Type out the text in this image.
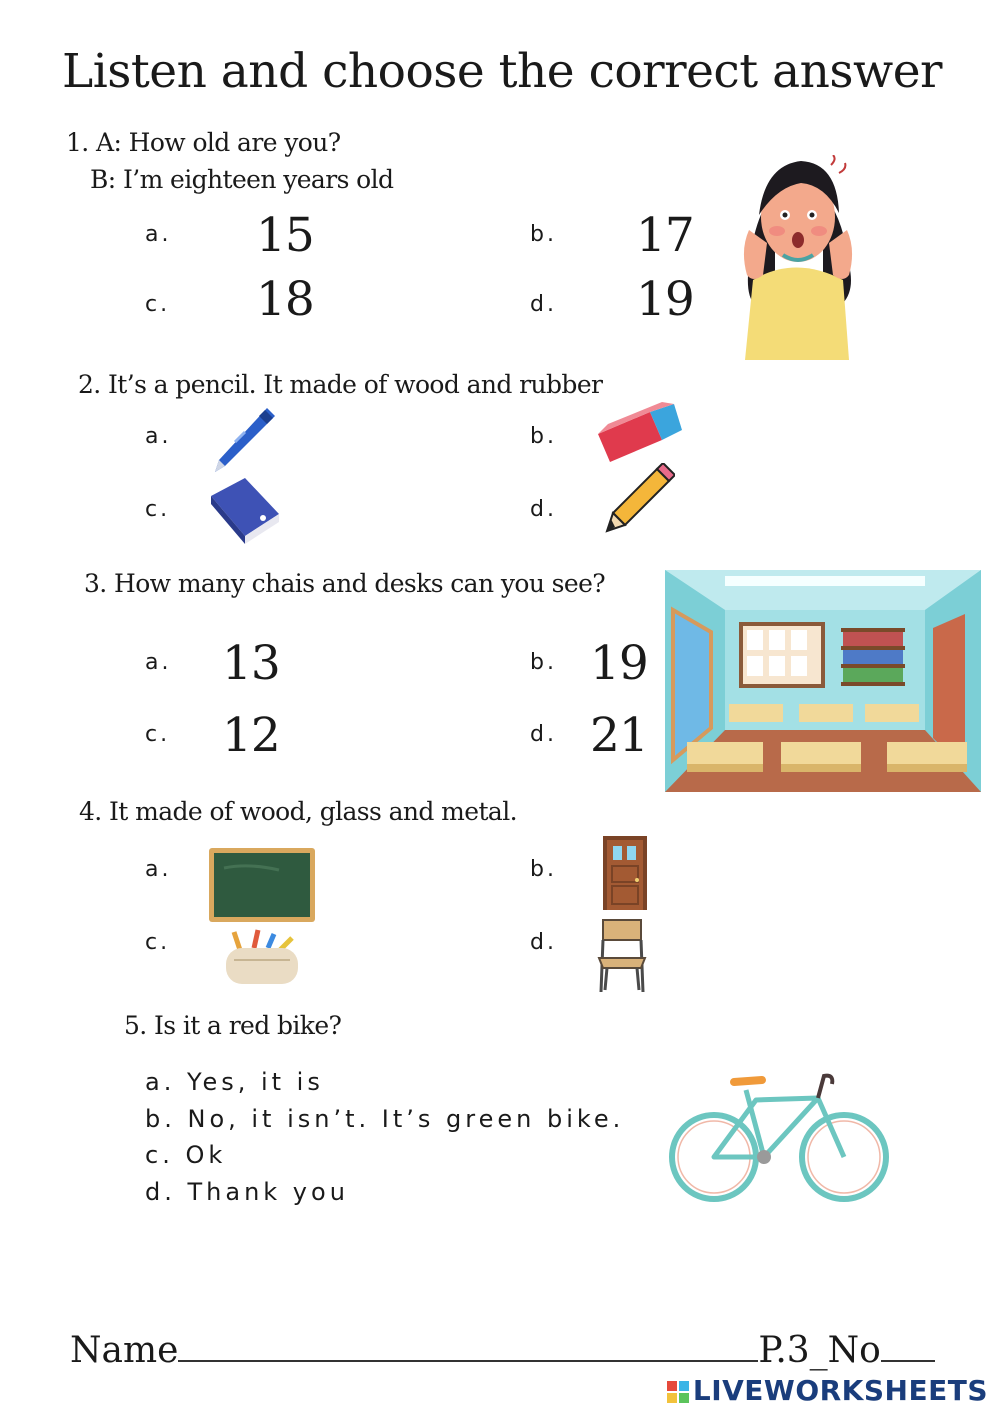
Listen and choose the correct answer
1. A: How old are you?
B: I’m eighteen years old
a. 15	b. 17
c. 18	d. 19
2. It’s a pencil. It made of wood and rubber
a.	b.
c.	d.
3. How many chais and desks can you see?
a. 13	b. 19
c. 12	d. 21
4. It made of wood, glass and metal.
a.	b.
c.	d.
5. Is it a red bike?
a. Yes, it is
b. No, it isn’t. It’s green bike.
c. Ok
d. Thank you
Name	P.3_No
LIVEWORKSHEETS
